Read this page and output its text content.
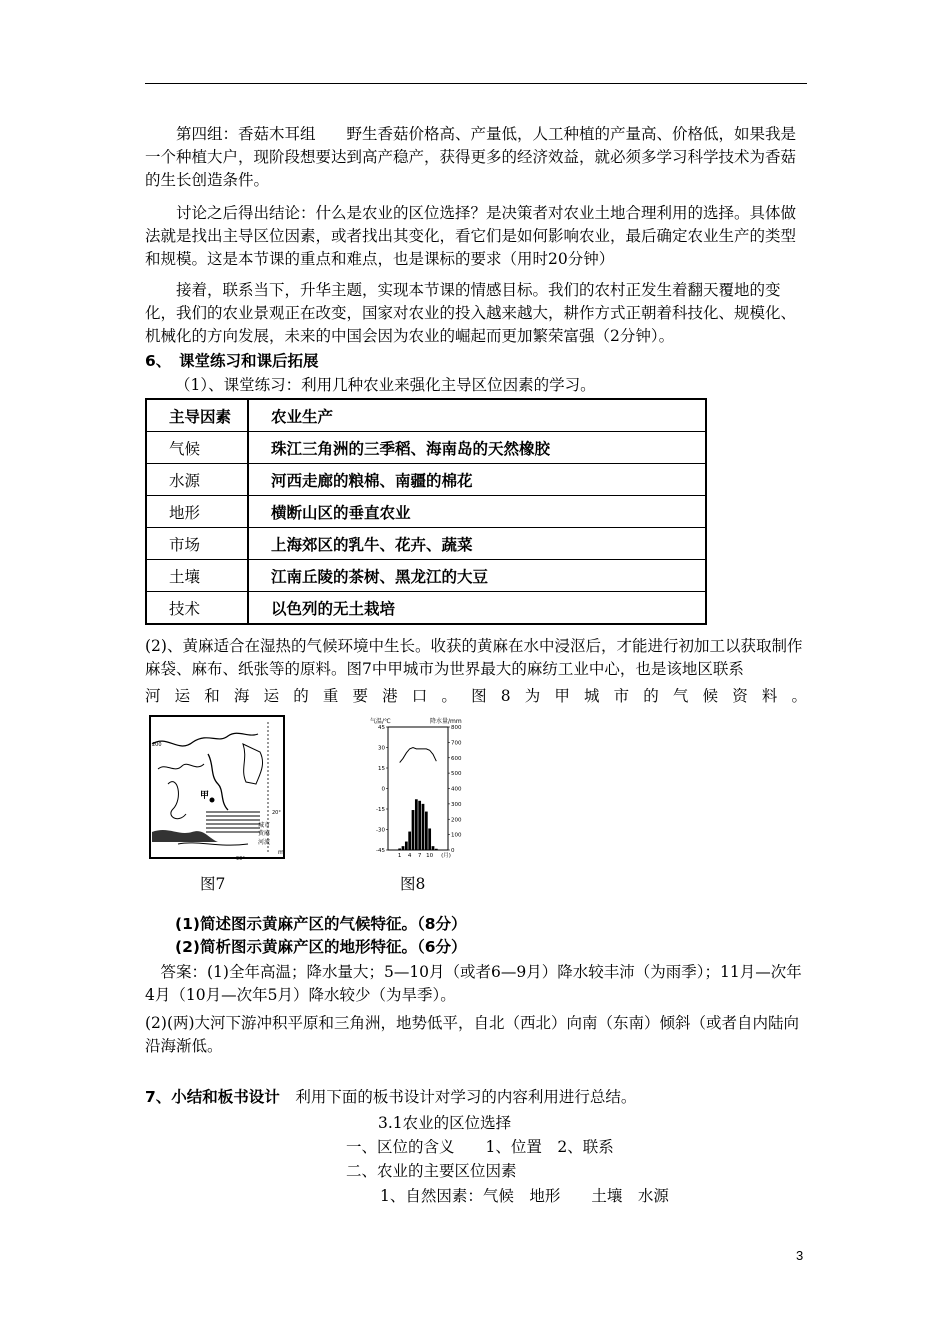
第四组：香菇木耳组　　野生香菇价格高、产量低，人工种植的产量高、价格低，如果我是一个种植大户，现阶段想要达到高产稳产，获得更多的经济效益，就必须多学习科学技术为香菇的生长创造条件。

讨论之后得出结论：什么是农业的区位选择？是决策者对农业土地合理利用的选择。具体做法就是找出主导区位因素，或者找出其变化，看它们是如何影响农业，最后确定农业生产的类型和规模。这是本节课的重点和难点，也是课标的要求（用时20分钟）

接着，联系当下，升华主题，实现本节课的情感目标。我们的农村正发生着翻天覆地的变化，我们的农业景观正在改变，国家对农业的投入越来越大，耕作方式正朝着科技化、规模化、机械化的方向发展，未来的中国会因为农业的崛起而更加繁荣富强（2分钟）。

6、　课堂练习和课后拓展
（1）、课堂练习：利用几种农业来强化主导区位因素的学习。
主导因素	农业生产
气候	珠江三角洲的三季稻、海南岛的天然橡胶
水源	河西走廊的粮棉、南疆的棉花
地形	横断山区的垂直农业
市场	上海郊区的乳牛、花卉、蔬菜
土壤	江南丘陵的茶树、黑龙江的大豆
技术	以色列的无土栽培

(2)、黄麻适合在湿热的气候环境中生长。收获的黄麻在水中浸沤后，才能进行初加工以获取制作麻袋、麻布、纸张等的原料。图7中甲城市为世界最大的麻纺工业中心，也是该地区联系

河运和海运的重要港口。图8为甲城市的气候资料。
甲
200
20°
90°
城市
黄麻
河流
m
气温/℃	降水量/mm
45
30
15
0
-15
-30
-45
800
700
600
500
400
300
200
100
0
1 4 7 10 (月)
图7	图8
(1)简述图示黄麻产区的气候特征。（8分）
(2)简析图示黄麻产区的地形特征。（6分）

答案：(1)全年高温；降水量大；5—10月（或者6—9月）降水较丰沛（为雨季）；11月—次年4月（10月—次年5月）降水较少（为旱季）。

(2)(两)大河下游冲积平原和三角洲，地势低平，自北（西北）向南（东南）倾斜（或者自内陆向沿海渐低。

7、小结和板书设计　 利用下面的板书设计对学习的内容利用进行总结。
3.1农业的区位选择
一、区位的含义　　1、位置　2、联系
二、农业的主要区位因素
1、自然因素：气候　地形　　土壤　水源
3
